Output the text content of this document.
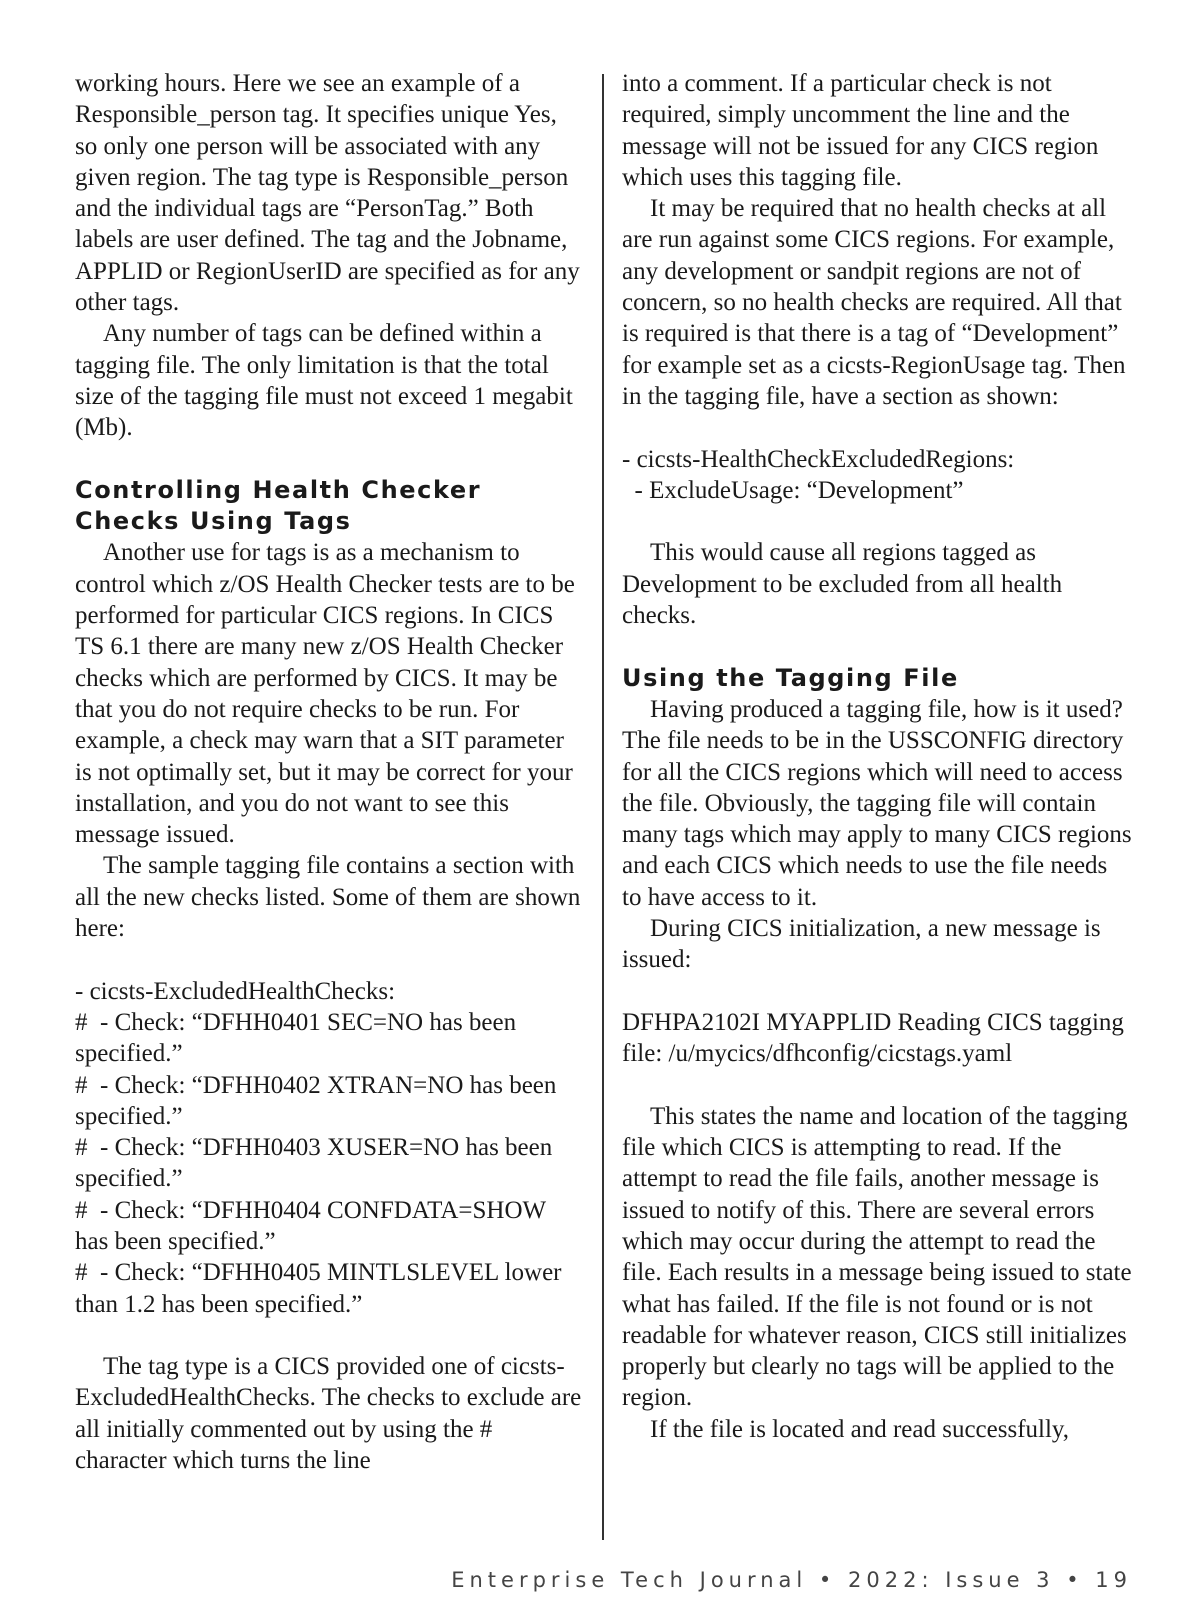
working hours. Here we see an example of a Responsible_person tag. It specifies unique Yes, so only one person will be associated with any given region. The tag type is Responsible_person and the individual tags are “PersonTag.” Both labels are user defined. The tag and the Jobname, APPLID or RegionUserID are specified as for any other tags.

Any number of tags can be defined within a tagging file. The only limitation is that the total size of the tagging file must not exceed 1 megabit (Mb).

Controlling Health Checker Checks Using Tags

Another use for tags is as a mechanism to control which z/OS Health Checker tests are to be performed for particular CICS regions. In CICS TS 6.1 there are many new z/OS Health Checker checks which are performed by CICS. It may be that you do not require checks to be run. For example, a check may warn that a SIT parameter is not optimally set, but it may be correct for your installation, and you do not want to see this message issued.

The sample tagging file contains a section with all the new checks listed. Some of them are shown here:

- cicsts-ExcludedHealthChecks:

#  - Check: “DFHH0401 SEC=NO has been specified.”

#  - Check: “DFHH0402 XTRAN=NO has been specified.”

#  - Check: “DFHH0403 XUSER=NO has been specified.”

#  - Check: “DFHH0404 CONFDATA=SHOW has been specified.”

#  - Check: “DFHH0405 MINTLSLEVEL lower than 1.2 has been specified.”

The tag type is a CICS provided one of cicsts-ExcludedHealthChecks. The checks to exclude are all initially commented out by using the # character which turns the line

into a comment. If a particular check is not required, simply uncomment the line and the message will not be issued for any CICS region which uses this tagging file.

It may be required that no health checks at all are run against some CICS regions. For example, any development or sandpit regions are not of concern, so no health checks are required. All that is required is that there is a tag of “Development” for example set as a cicsts-RegionUsage tag. Then in the tagging file, have a section as shown:

- cicsts-HealthCheckExcludedRegions:

- ExcludeUsage: “Development”

This would cause all regions tagged as Development to be excluded from all health checks.

Using the Tagging File

Having produced a tagging file, how is it used? The file needs to be in the USSCONFIG directory for all the CICS regions which will need to access the file. Obviously, the tagging file will contain many tags which may apply to many CICS regions and each CICS which needs to use the file needs to have access to it.

During CICS initialization, a new message is issued:

DFHPA2102I MYAPPLID Reading CICS tagging file: /u/mycics/dfhconfig/cicstags.yaml

This states the name and location of the tagging file which CICS is attempting to read. If the attempt to read the file fails, another message is issued to notify of this. There are several errors which may occur during the attempt to read the file. Each results in a message being issued to state what has failed. If the file is not found or is not readable for whatever reason, CICS still initializes properly but clearly no tags will be applied to the region.

If the file is located and read successfully,

Enterprise Tech Journal • 2022: Issue 3 • 19
